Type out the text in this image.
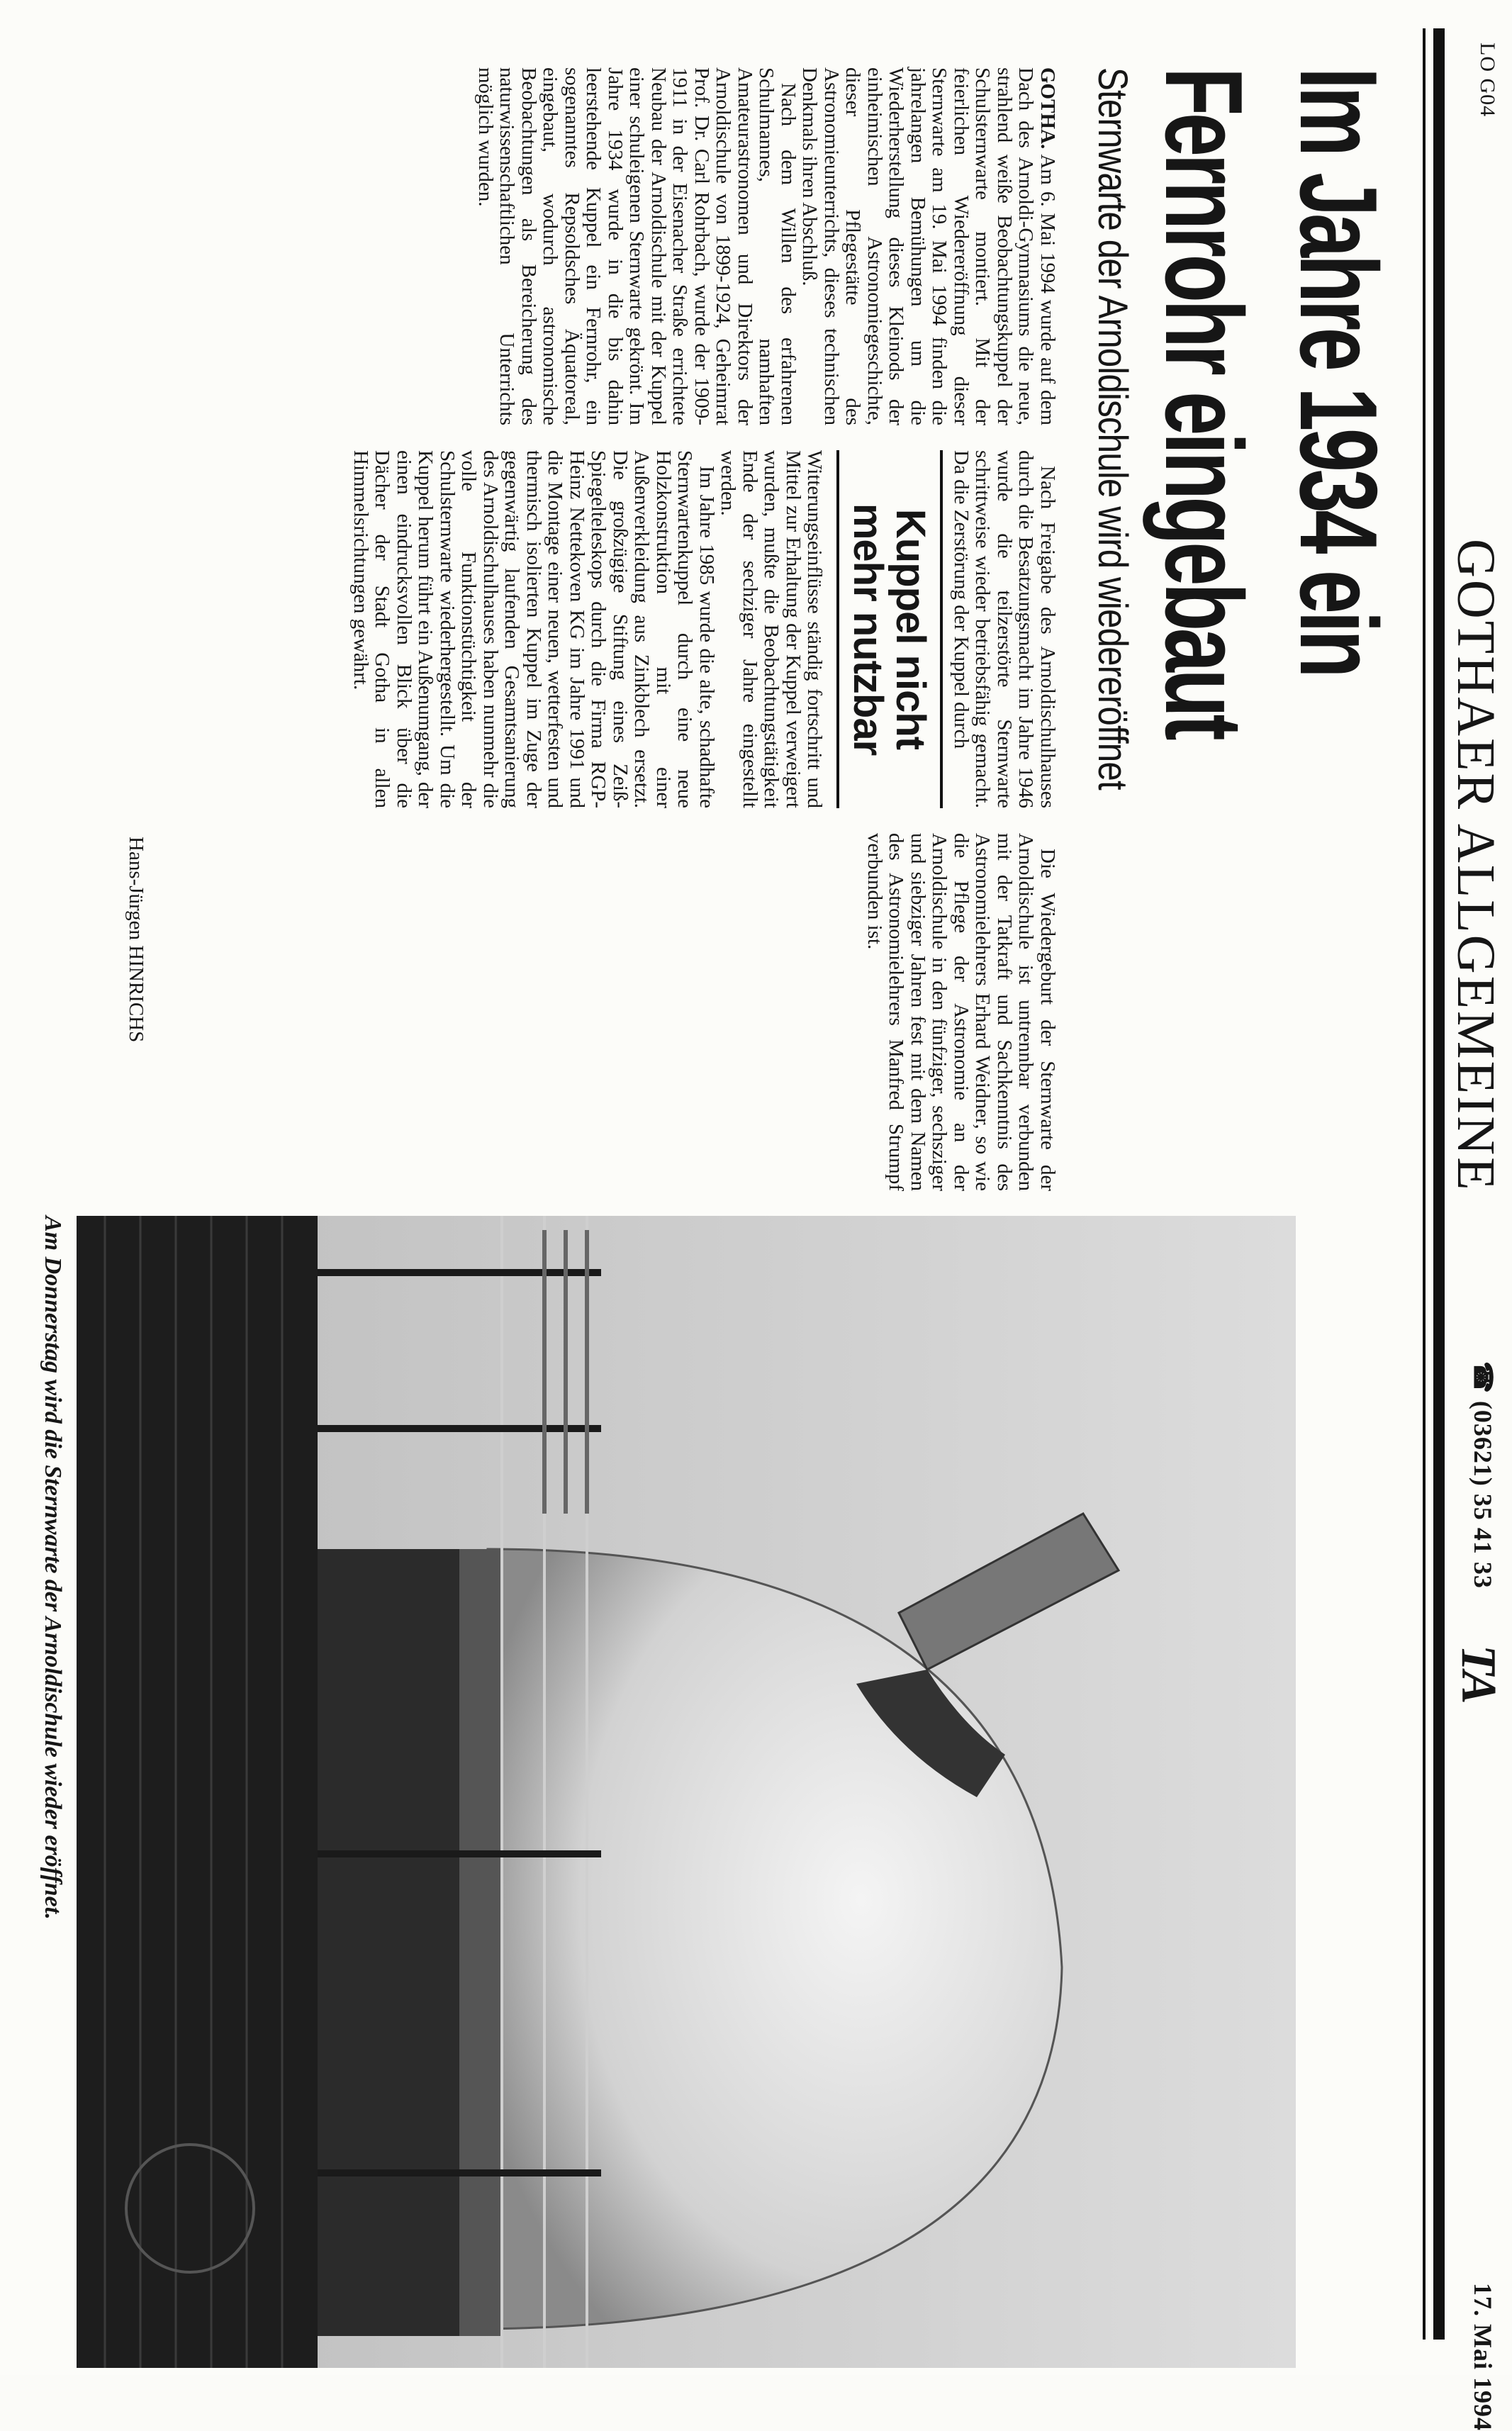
LO G04
GOTHAER ALLGEMEINE
☎ (03621) 35 41 33
TA
17. Mai 1994
Im Jahre 1934 ein
Fernrohr eingebaut
Sternwarte der Arnoldischule wird wiedereröffnet

GOTHA. Am 6. Mai 1994 wurde auf dem Dach des Arnoldi-Gymnasiums die neue, strahlend weiße Beobachtungskuppel der Schulsternwarte montiert. Mit der feierlichen Wiedereröffnung dieser Sternwarte am 19. Mai 1994 finden die jahrelangen Bemühungen um die Wiederherstellung dieses Kleinods der einheimischen Astronomiegeschichte, dieser Pflegestätte des Astronomieunterrichts, dieses technischen Denkmals ihren Abschluß.

Nach dem Willen des erfahrenen Schulmannes, namhaften Amateurastronomen und Direktors der Arnoldischule von 1899-1924, Geheimrat Prof. Dr. Carl Rohrbach, wurde der 1909-1911 in der Eisenacher Straße errichtete Neubau der Arnoldischule mit der Kuppel einer schuleigenen Sternwarte gekrönt. Im Jahre 1934 wurde in die bis dahin leerstehende Kuppel ein Fernrohr, ein sogenanntes Repsoldsches Äquatoreal, eingebaut, wodurch astronomische Beobachtungen als Bereicherung des naturwissenschaftlichen Unterrichts möglich wurden.

Nach Freigabe des Arnoldischulhauses durch die Besatzungsmacht im Jahre 1946 wurde die teilzerstörte Sternwarte schrittweise wieder betriebsfähig gemacht. Da die Zerstörung der Kuppel durch

Kuppel nicht
mehr nutzbar

Witterungseinflüsse ständig fortschritt und Mittel zur Erhaltung der Kuppel verweigert wurden, mußte die Beobachtungstätigkeit Ende der sechziger Jahre eingestellt werden.

Im Jahre 1985 wurde die alte, schadhafte Sternwartenkuppel durch eine neue Holzkonstruktion mit einer Außenverkleidung aus Zinkblech ersetzt. Die großzügige Stiftung eines Zeiß-Spiegelteleskops durch die Firma RGP-Heinz Nettekoven KG im Jahre 1991 und die Montage einer neuen, wetterfesten und thermisch isolierten Kuppel im Zuge der gegenwärtig laufenden Gesamtsanierung des Arnoldischulhauses haben nunmehr die volle Funktionstüchtigkeit der Schulsternwarte wiederhergestellt. Um die Kuppel herum führt ein Außenumgang, der einen eindrucksvollen Blick über die Dächer der Stadt Gotha in allen Himmelsrichtungen gewährt.

Die Wiedergeburt der Sternwarte der Arnoldischule ist untrennbar verbunden mit der Tatkraft und Sachkenntnis des Astronomielehrers Erhard Weidner, so wie die Pflege der Astronomie an der Arnoldischule in den fünfziger, sechsziger und siebziger Jahren fest mit dem Namen des Astronomielehrers Manfred Strumpf verbunden ist.

Hans-Jürgen HINRICHS
Am Donnerstag wird die Sternwarte der Arnoldischule wieder eröffnet.
